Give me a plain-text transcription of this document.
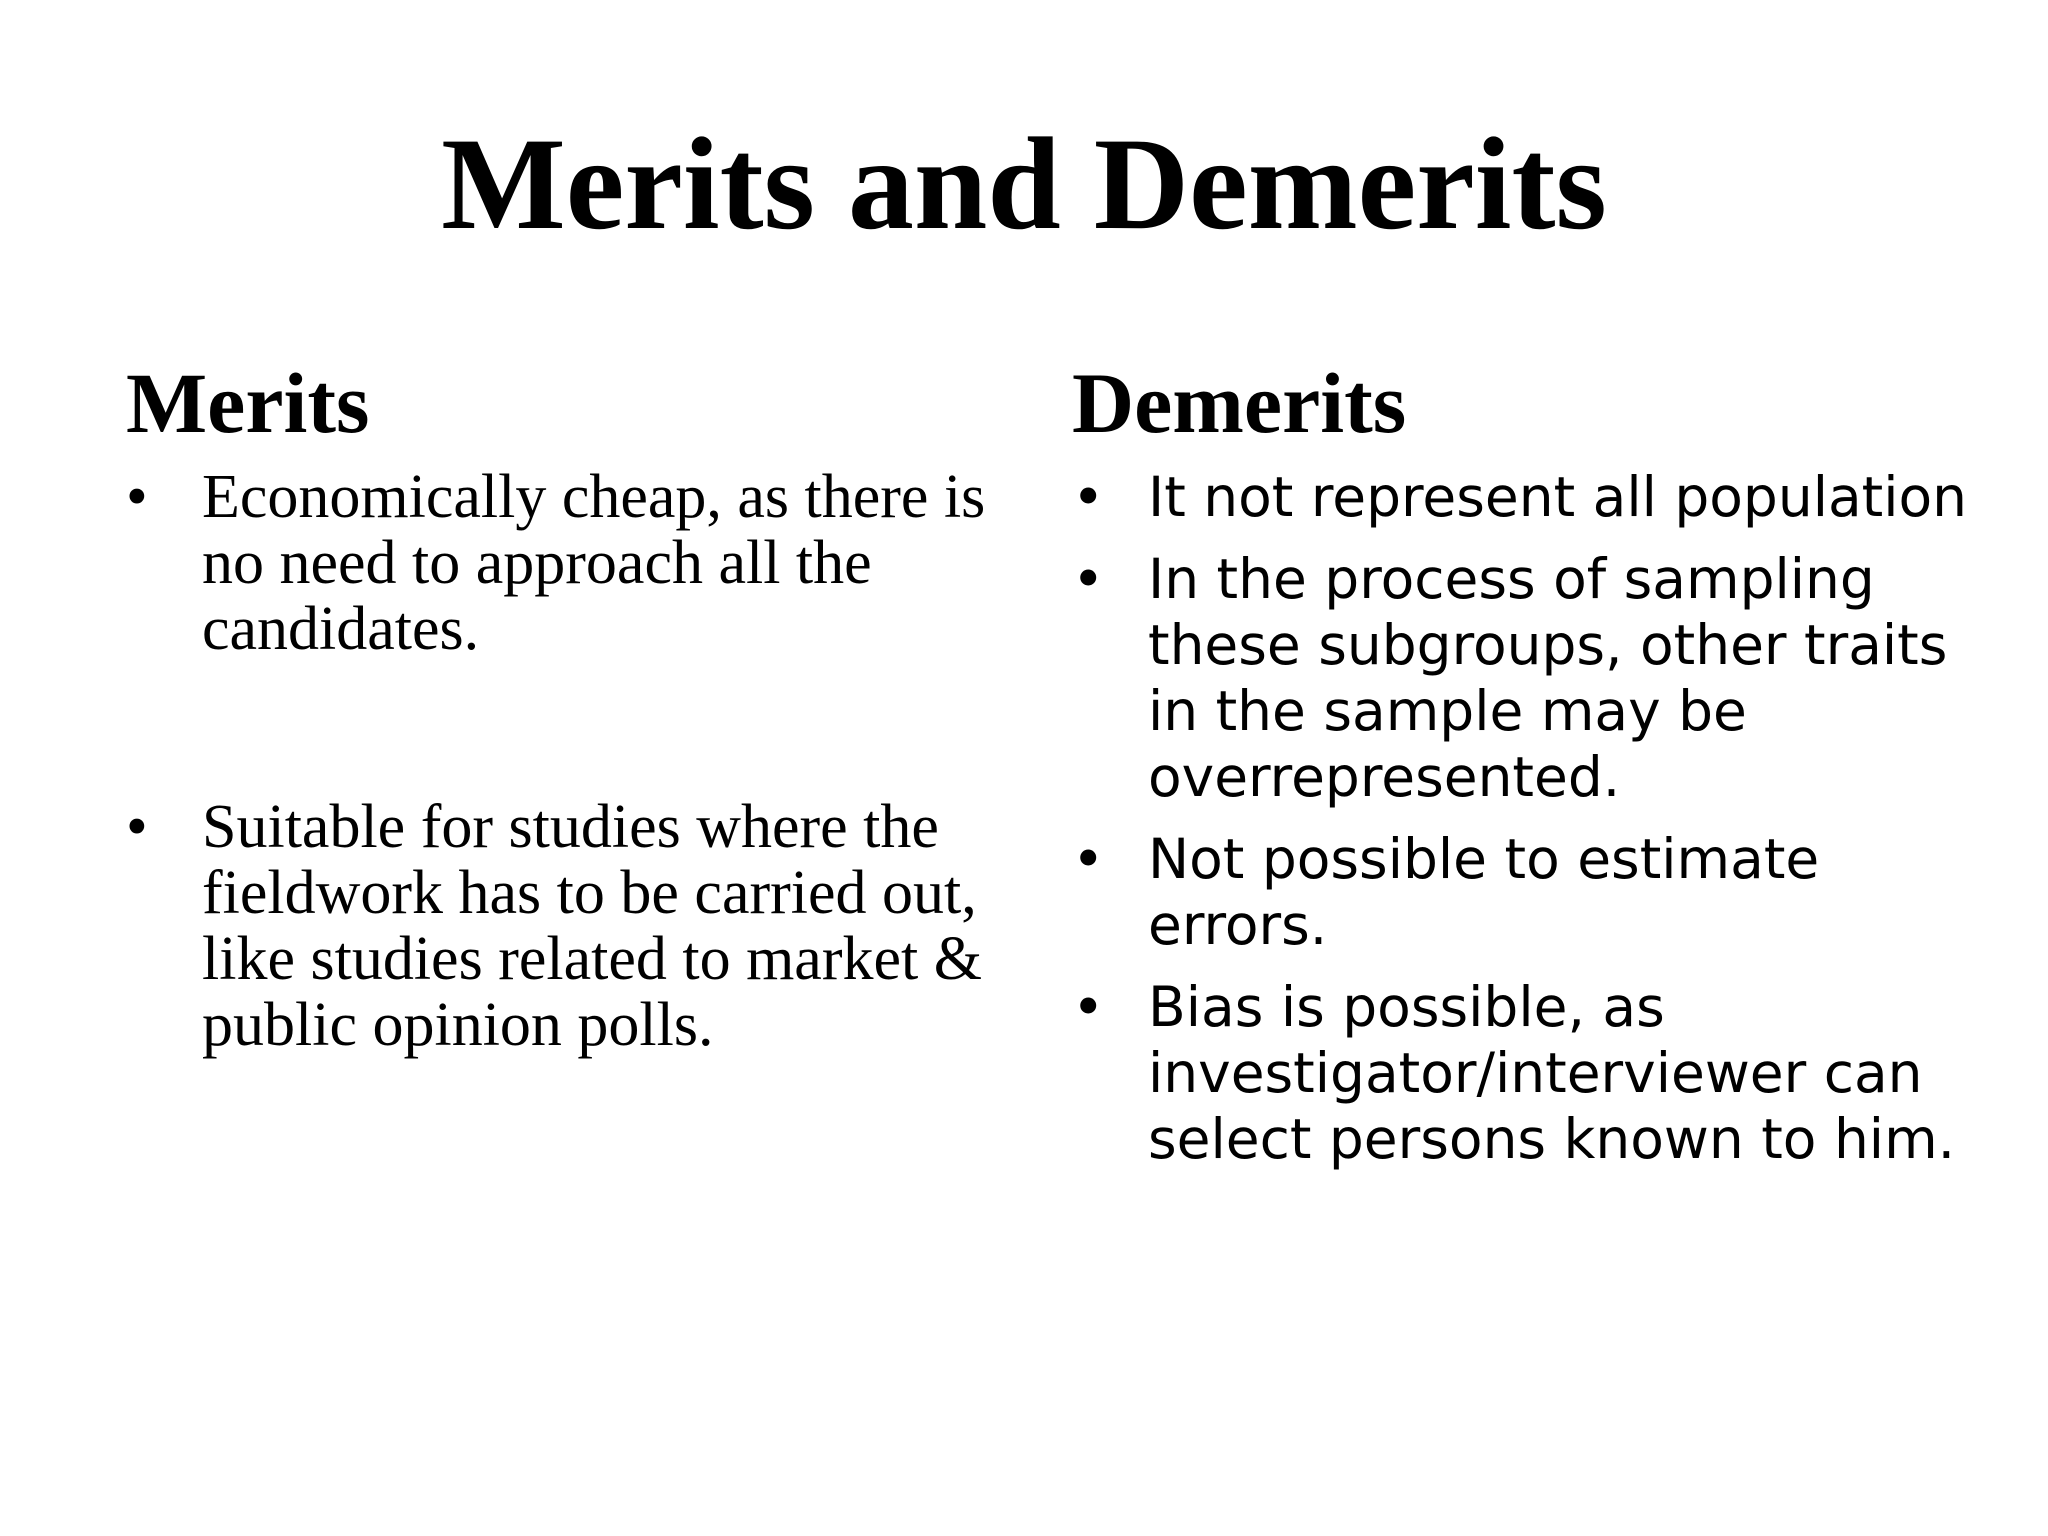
Merits and Demerits
Merits
• Economically cheap, as there is no need to approach all the candidates.
• Suitable for studies where the fieldwork has to be carried out, like studies related to market & public opinion polls.
Demerits
• It not represent all population
• In the process of sampling these subgroups, other traits in the sample may be overrepresented.
• Not possible to estimate errors.
• Bias is possible, as investigator/interviewer can select persons known to him.
